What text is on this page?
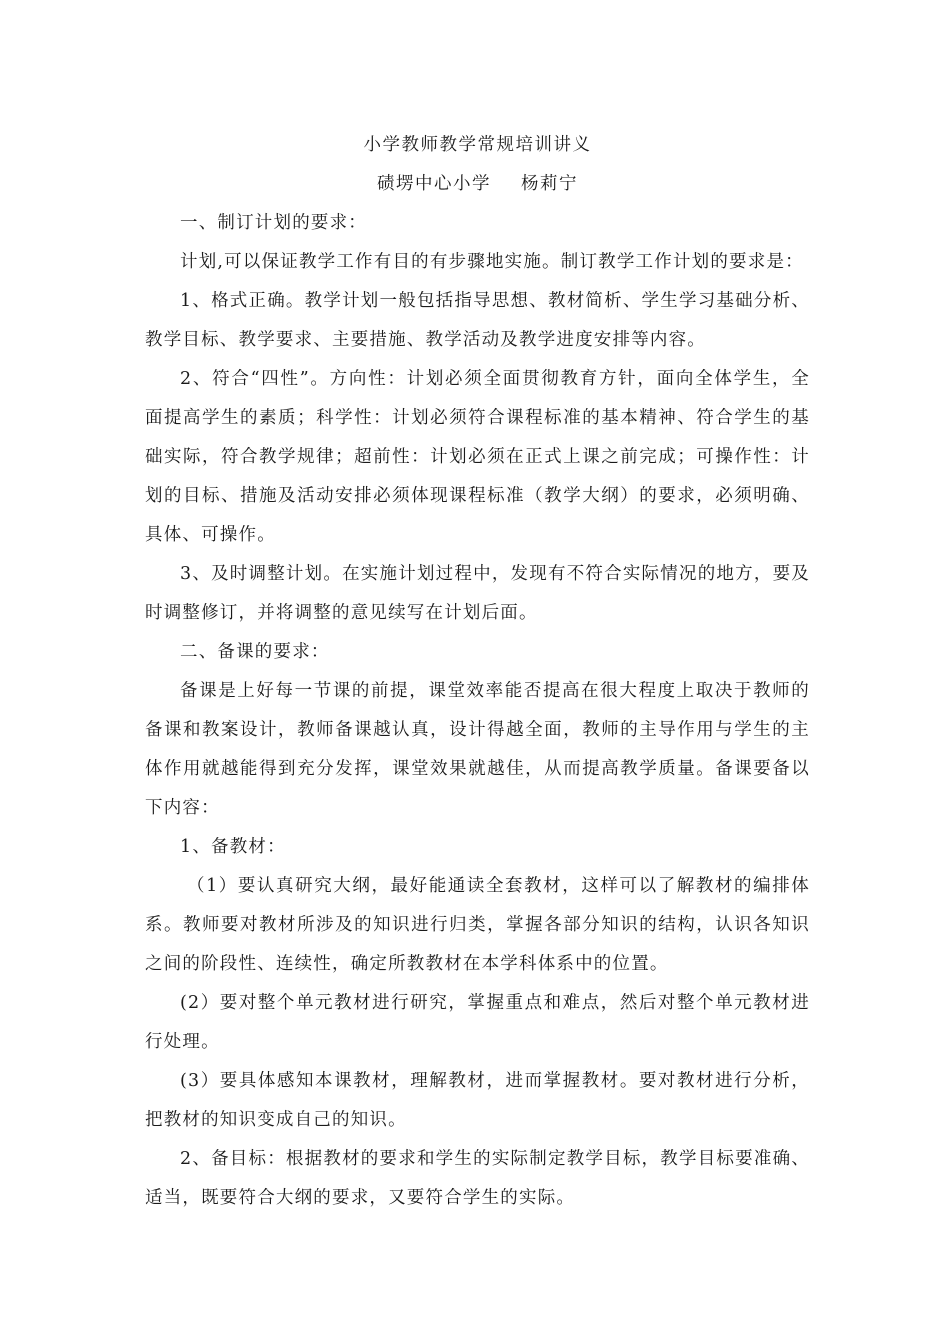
小学教师教学常规培训讲义

碛塄中心小学 杨莉宁

一、制订计划的要求：

计划,可以保证教学工作有目的有步骤地实施。制订教学工作计划的要求是：

1、格式正确。教学计划一般包括指导思想、教材简析、学生学习基础分析、教学目标、教学要求、主要措施、教学活动及教学进度安排等内容。

2、符合“四性”。方向性：计划必须全面贯彻教育方针，面向全体学生，全面提高学生的素质；科学性：计划必须符合课程标准的基本精神、符合学生的基础实际，符合教学规律；超前性：计划必须在正式上课之前完成；可操作性：计划的目标、措施及活动安排必须体现课程标准（教学大纲）的要求，必须明确、具体、可操作。

3、及时调整计划。在实施计划过程中，发现有不符合实际情况的地方，要及时调整修订，并将调整的意见续写在计划后面。

二、备课的要求：

备课是上好每一节课的前提，课堂效率能否提高在很大程度上取决于教师的备课和教案设计，教师备课越认真，设计得越全面，教师的主导作用与学生的主体作用就越能得到充分发挥，课堂效果就越佳，从而提高教学质量。备课要备以下内容：

1、备教材：

（1）要认真研究大纲，最好能通读全套教材，这样可以了解教材的编排体系。教师要对教材所涉及的知识进行归类，掌握各部分知识的结构，认识各知识之间的阶段性、连续性，确定所教教材在本学科体系中的位置。

(2）要对整个单元教材进行研究，掌握重点和难点，然后对整个单元教材进行处理。

(3）要具体感知本课教材，理解教材，进而掌握教材。要对教材进行分析，把教材的知识变成自己的知识。

2、备目标：根据教材的要求和学生的实际制定教学目标，教学目标要准确、适当，既要符合大纲的要求，又要符合学生的实际。
